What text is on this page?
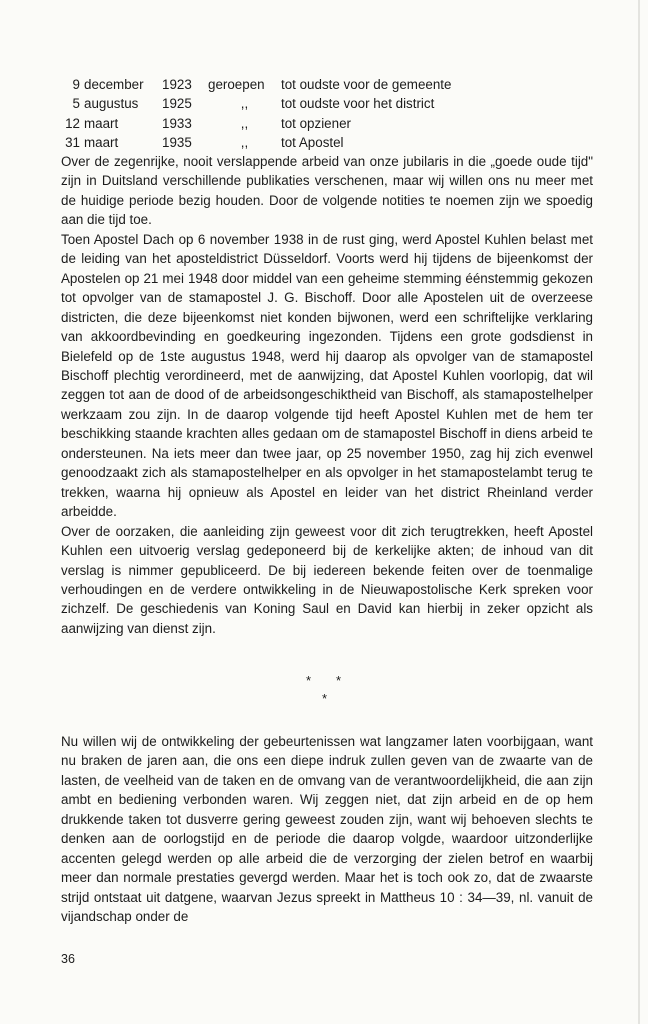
9 december	1923	geroepen	tot oudste voor de gemeente
5 augustus	1925	,,	tot oudste voor het district
12 maart	1933	,,	tot opziener
31 maart	1935	,,	tot Apostel

Over de zegenrijke, nooit verslappende arbeid van onze jubilaris in die „goede oude tijd" zijn in Duitsland verschillende publikaties verschenen, maar wij willen ons nu meer met de huidige periode bezig houden. Door de volgende notities te noemen zijn we spoedig aan die tijd toe.

Toen Apostel Dach op 6 november 1938 in de rust ging, werd Apostel Kuhlen belast met de leiding van het aposteldistrict Düsseldorf. Voorts werd hij tijdens de bijeenkomst der Apostelen op 21 mei 1948 door middel van een geheime stemming éénstemmig gekozen tot opvolger van de stamapostel J. G. Bischoff. Door alle Apostelen uit de overzeese districten, die deze bijeenkomst niet konden bijwonen, werd een schriftelijke verklaring van akkoordbevinding en goedkeuring ingezonden. Tijdens een grote godsdienst in Bielefeld op de 1ste augustus 1948, werd hij daarop als opvolger van de stamapostel Bischoff plechtig verordineerd, met de aanwijzing, dat Apostel Kuhlen voorlopig, dat wil zeggen tot aan de dood of de arbeidsongeschiktheid van Bischoff, als stamapostelhelper werkzaam zou zijn. In de daarop volgende tijd heeft Apostel Kuhlen met de hem ter beschikking staande krachten alles gedaan om de stamapostel Bischoff in diens arbeid te ondersteunen. Na iets meer dan twee jaar, op 25 november 1950, zag hij zich evenwel genoodzaakt zich als stamapostelhelper en als opvolger in het stamapostelambt terug te trekken, waarna hij opnieuw als Apostel en leider van het district Rheinland verder arbeidde.

Over de oorzaken, die aanleiding zijn geweest voor dit zich terugtrekken, heeft Apostel Kuhlen een uitvoerig verslag gedeponeerd bij de kerkelijke akten; de inhoud van dit verslag is nimmer gepubliceerd. De bij iedereen bekende feiten over de toenmalige verhoudingen en de verdere ontwikkeling in de Nieuwapostolische Kerk spreken voor zichzelf. De geschiedenis van Koning Saul en David kan hierbij in zeker opzicht als aanwijzing van dienst zijn.

* *
*

Nu willen wij de ontwikkeling der gebeurtenissen wat langzamer laten voorbijgaan, want nu braken de jaren aan, die ons een diepe indruk zullen geven van de zwaarte van de lasten, de veelheid van de taken en de omvang van de verantwoordelijkheid, die aan zijn ambt en bediening verbonden waren. Wij zeggen niet, dat zijn arbeid en de op hem drukkende taken tot dusverre gering geweest zouden zijn, want wij behoeven slechts te denken aan de oorlogstijd en de periode die daarop volgde, waardoor uitzonderlijke accenten gelegd werden op alle arbeid die de verzorging der zielen betrof en waarbij meer dan normale prestaties gevergd werden. Maar het is toch ook zo, dat de zwaarste strijd ontstaat uit datgene, waarvan Jezus spreekt in Mattheus 10 : 34—39, nl. vanuit de vijandschap onder de

36
